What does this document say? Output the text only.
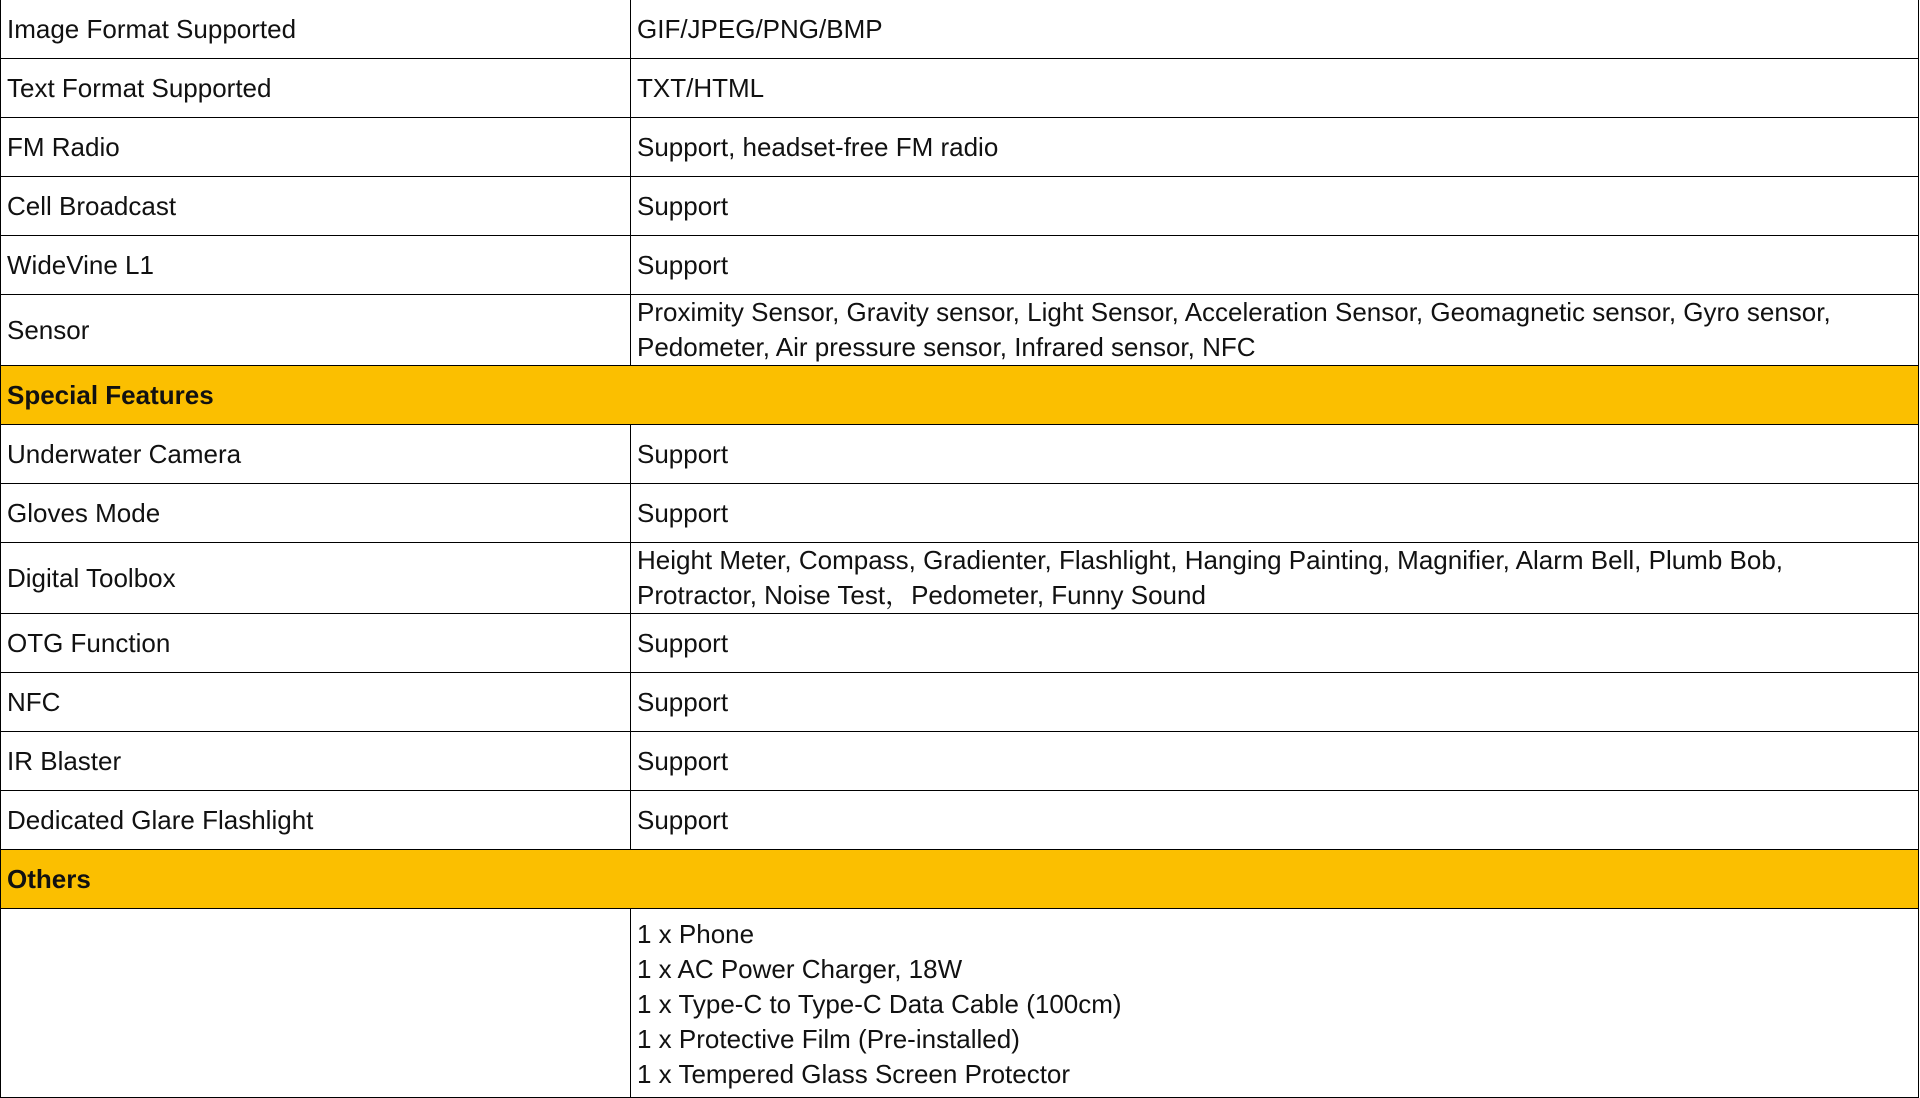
Image Format Supported	GIF/JPEG/PNG/BMP
Text Format Supported	TXT/HTML
FM Radio	Support, headset-free FM radio
Cell Broadcast	Support
WideVine L1	Support
Sensor	Proximity Sensor, Gravity sensor, Light Sensor, Acceleration Sensor, Geomagnetic sensor, Gyro sensor,
Pedometer, Air pressure sensor, Infrared sensor, NFC

Special Features	
Underwater Camera	Support
Gloves Mode	Support
Digital Toolbox	Height Meter, Compass, Gradienter, Flashlight, Hanging Painting, Magnifier, Alarm Bell, Plumb Bob,
Protractor, Noise Test，Pedometer, Funny Sound

OTG Function	Support
NFC	Support
IR Blaster	Support
Dedicated Glare Flashlight	Support
Others	

	1 x Phone
1 x AC Power Charger, 18W
1 x Type-C to Type-C Data Cable (100cm)
1 x Protective Film (Pre-installed)
1 x Tempered Glass Screen Protector
